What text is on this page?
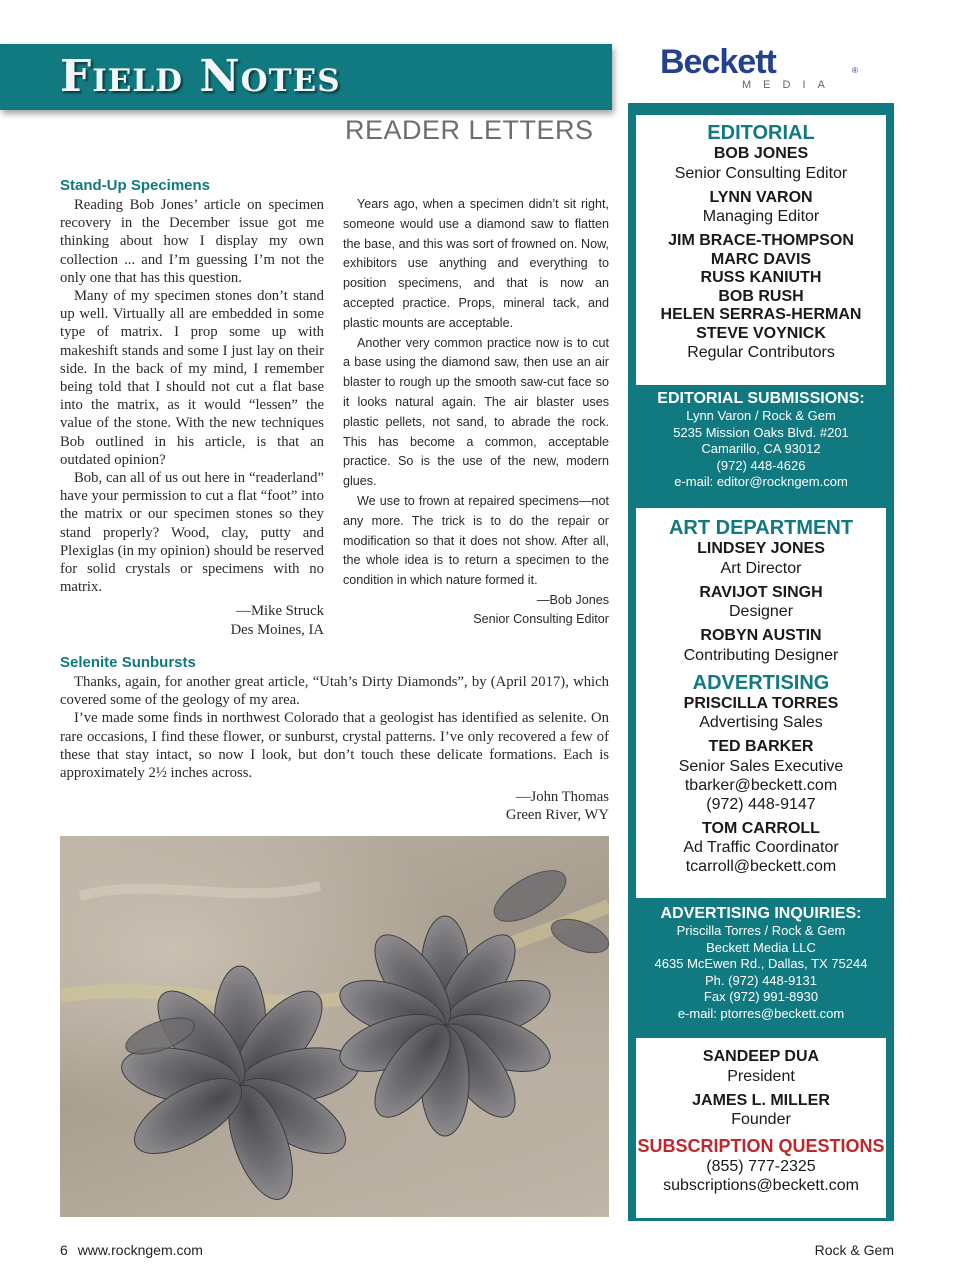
Field Notes	Beckett	®
MEDIA
READER LETTERS
Stand-Up Specimens

Reading Bob Jones’ article on specimen recovery in the December issue got me thinking about how I display my own collection ... and I’m guessing I’m not the only one that has this question.

Many of my specimen stones don’t stand up well. Virtually all are embedded in some type of matrix. I prop some up with makeshift stands and some I just lay on their side. In the back of my mind, I remember being told that I should not cut a flat base into the matrix, as it would “lessen” the value of the stone. With the new techniques Bob outlined in his article, is that an outdated opinion?

Bob, can all of us out here in “readerland” have your permission to cut a flat “foot” into the matrix or our specimen stones so they stand properly? Wood, clay, putty and Plexiglas (in my opinion) should be reserved for solid crystals or specimens with no matrix.

—Mike Struck
Des Moines, IA

Years ago, when a specimen didn’t sit right, someone would use a diamond saw to flatten the base, and this was sort of frowned on. Now, exhibitors use anything and everything to position specimens, and that is now an accepted practice. Props, mineral tack, and plastic mounts are acceptable.

Another very common practice now is to cut a base using the diamond saw, then use an air blaster to rough up the smooth saw-cut face so it looks natural again. The air blaster uses plastic pellets, not sand, to abrade the rock. This has become a common, acceptable practice. So is the use of the new, modern glues.

We use to frown at repaired specimens—not any more. The trick is to do the repair or modification so that it does not show. After all, the whole idea is to return a specimen to the condition in which nature formed it.

—Bob Jones
Senior Consulting Editor
Selenite Sunbursts

Thanks, again, for another great article, “Utah’s Dirty Diamonds”, by (April 2017), which covered some of the geology of my area.

I’ve made some finds in northwest Colorado that a geologist has identified as selenite. On rare occasions, I find these flower, or sunburst, crystal patterns. I’ve only recovered a few of these that stay intact, so now I look, but don’t touch these delicate formations. Each is approximately 2½ inches across.

—John Thomas
Green River, WY
EDITORIAL
BOB JONES
Senior Consulting Editor
LYNN VARON
Managing Editor
JIM BRACE-THOMPSON
MARC DAVIS
RUSS KANIUTH
BOB RUSH
HELEN SERRAS-HERMAN
STEVE VOYNICK
Regular Contributors
EDITORIAL SUBMISSIONS:
Lynn Varon / Rock & Gem
5235 Mission Oaks Blvd. #201
Camarillo, CA 93012
(972) 448-4626
e-mail: editor@rockngem.com
ART DEPARTMENT
LINDSEY JONES
Art Director
RAVIJOT SINGH
Designer
ROBYN AUSTIN
Contributing Designer
ADVERTISING
PRISCILLA TORRES
Advertising Sales
TED BARKER
Senior Sales Executive
tbarker@beckett.com
(972) 448-9147
TOM CARROLL
Ad Traffic Coordinator
tcarroll@beckett.com
ADVERTISING INQUIRIES:
Priscilla Torres / Rock & Gem
Beckett Media LLC
4635 McEwen Rd., Dallas, TX 75244
Ph. (972) 448-9131
Fax (972) 991-8930
e-mail: ptorres@beckett.com
SANDEEP DUA
President
JAMES L. MILLER
Founder
SUBSCRIPTION QUESTIONS
(855) 777-2325
subscriptions@beckett.com
6 www.rockngem.com	Rock & Gem
